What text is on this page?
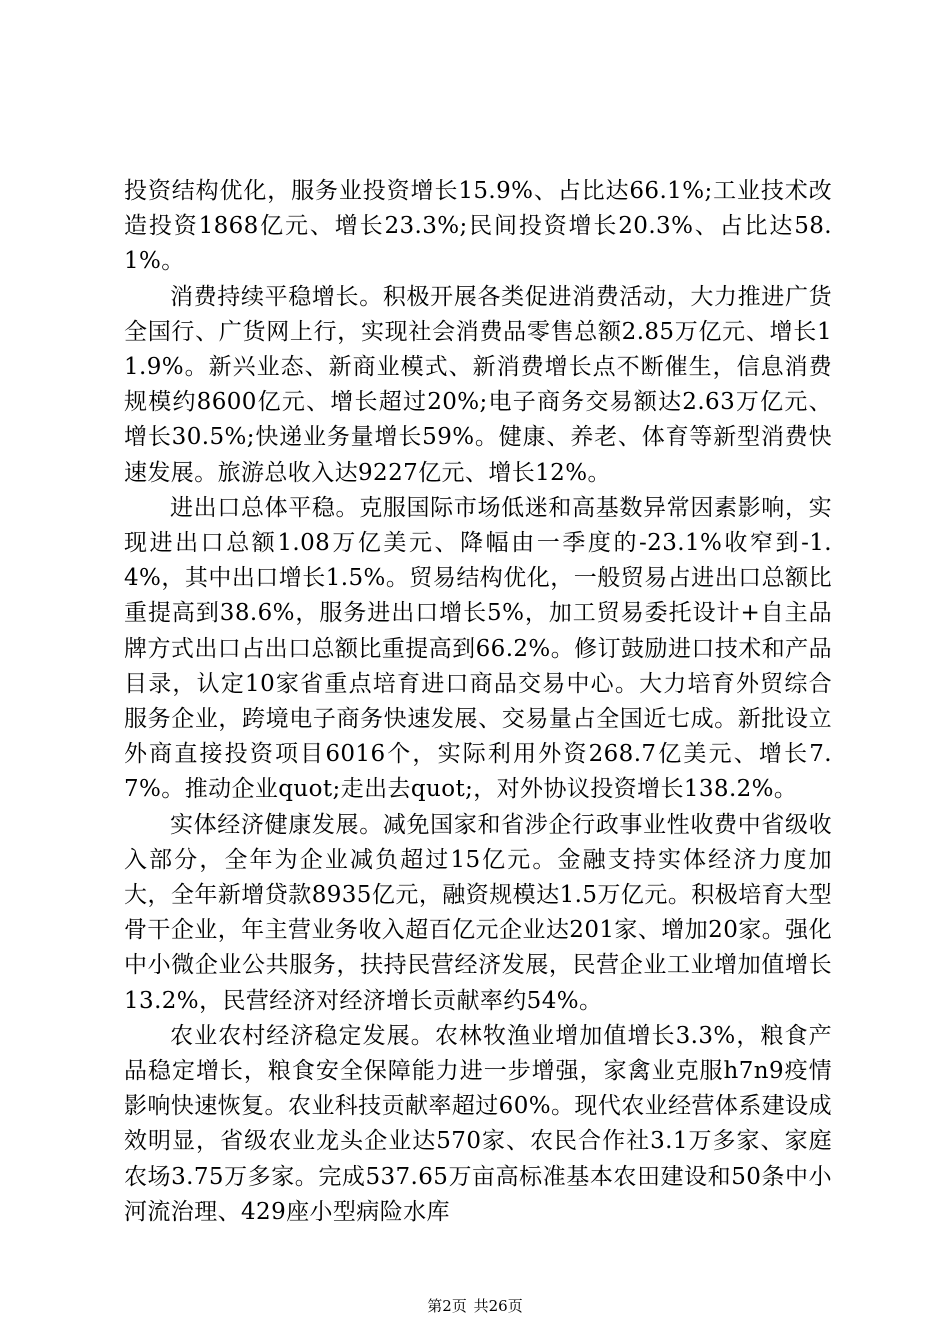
投资结构优化，服务业投资增长15.9%、占比达66.1%;工业技术改造投资1868亿元、增长23.3%;民间投资增长20.3%、占比达58.1%。

消费持续平稳增长。积极开展各类促进消费活动，大力推进广货全国行、广货网上行，实现社会消费品零售总额2.85万亿元、增长11.9%。新兴业态、新商业模式、新消费增长点不断催生，信息消费规模约8600亿元、增长超过20%;电子商务交易额达2.63万亿元、增长30.5%;快递业务量增长59%。健康、养老、体育等新型消费快速发展。旅游总收入达9227亿元、增长12%。

进出口总体平稳。克服国际市场低迷和高基数异常因素影响，实现进出口总额1.08万亿美元、降幅由一季度的-23.1%收窄到-1.4%，其中出口增长1.5%。贸易结构优化，一般贸易占进出口总额比重提高到38.6%，服务进出口增长5%，加工贸易委托设计+自主品牌方式出口占出口总额比重提高到66.2%。修订鼓励进口技术和产品目录，认定10家省重点培育进口商品交易中心。大力培育外贸综合服务企业，跨境电子商务快速发展、交易量占全国近七成。新批设立外商直接投资项目6016个，实际利用外资268.7亿美元、增长7.7%。推动企业quot;走出去quot;，对外协议投资增长138.2%。

实体经济健康发展。减免国家和省涉企行政事业性收费中省级收入部分，全年为企业减负超过15亿元。金融支持实体经济力度加大，全年新增贷款8935亿元，融资规模达1.5万亿元。积极培育大型骨干企业，年主营业务收入超百亿元企业达201家、增加20家。强化中小微企业公共服务，扶持民营经济发展，民营企业工业增加值增长13.2%，民营经济对经济增长贡献率约54%。

农业农村经济稳定发展。农林牧渔业增加值增长3.3%，粮食产品稳定增长，粮食安全保障能力进一步增强，家禽业克服h7n9疫情影响快速恢复。农业科技贡献率超过60%。现代农业经营体系建设成效明显，省级农业龙头企业达570家、农民合作社3.1万多家、家庭农场3.75万多家。完成537.65万亩高标准基本农田建设和50条中小河流治理、429座小型病险水库

第2页 共26页
